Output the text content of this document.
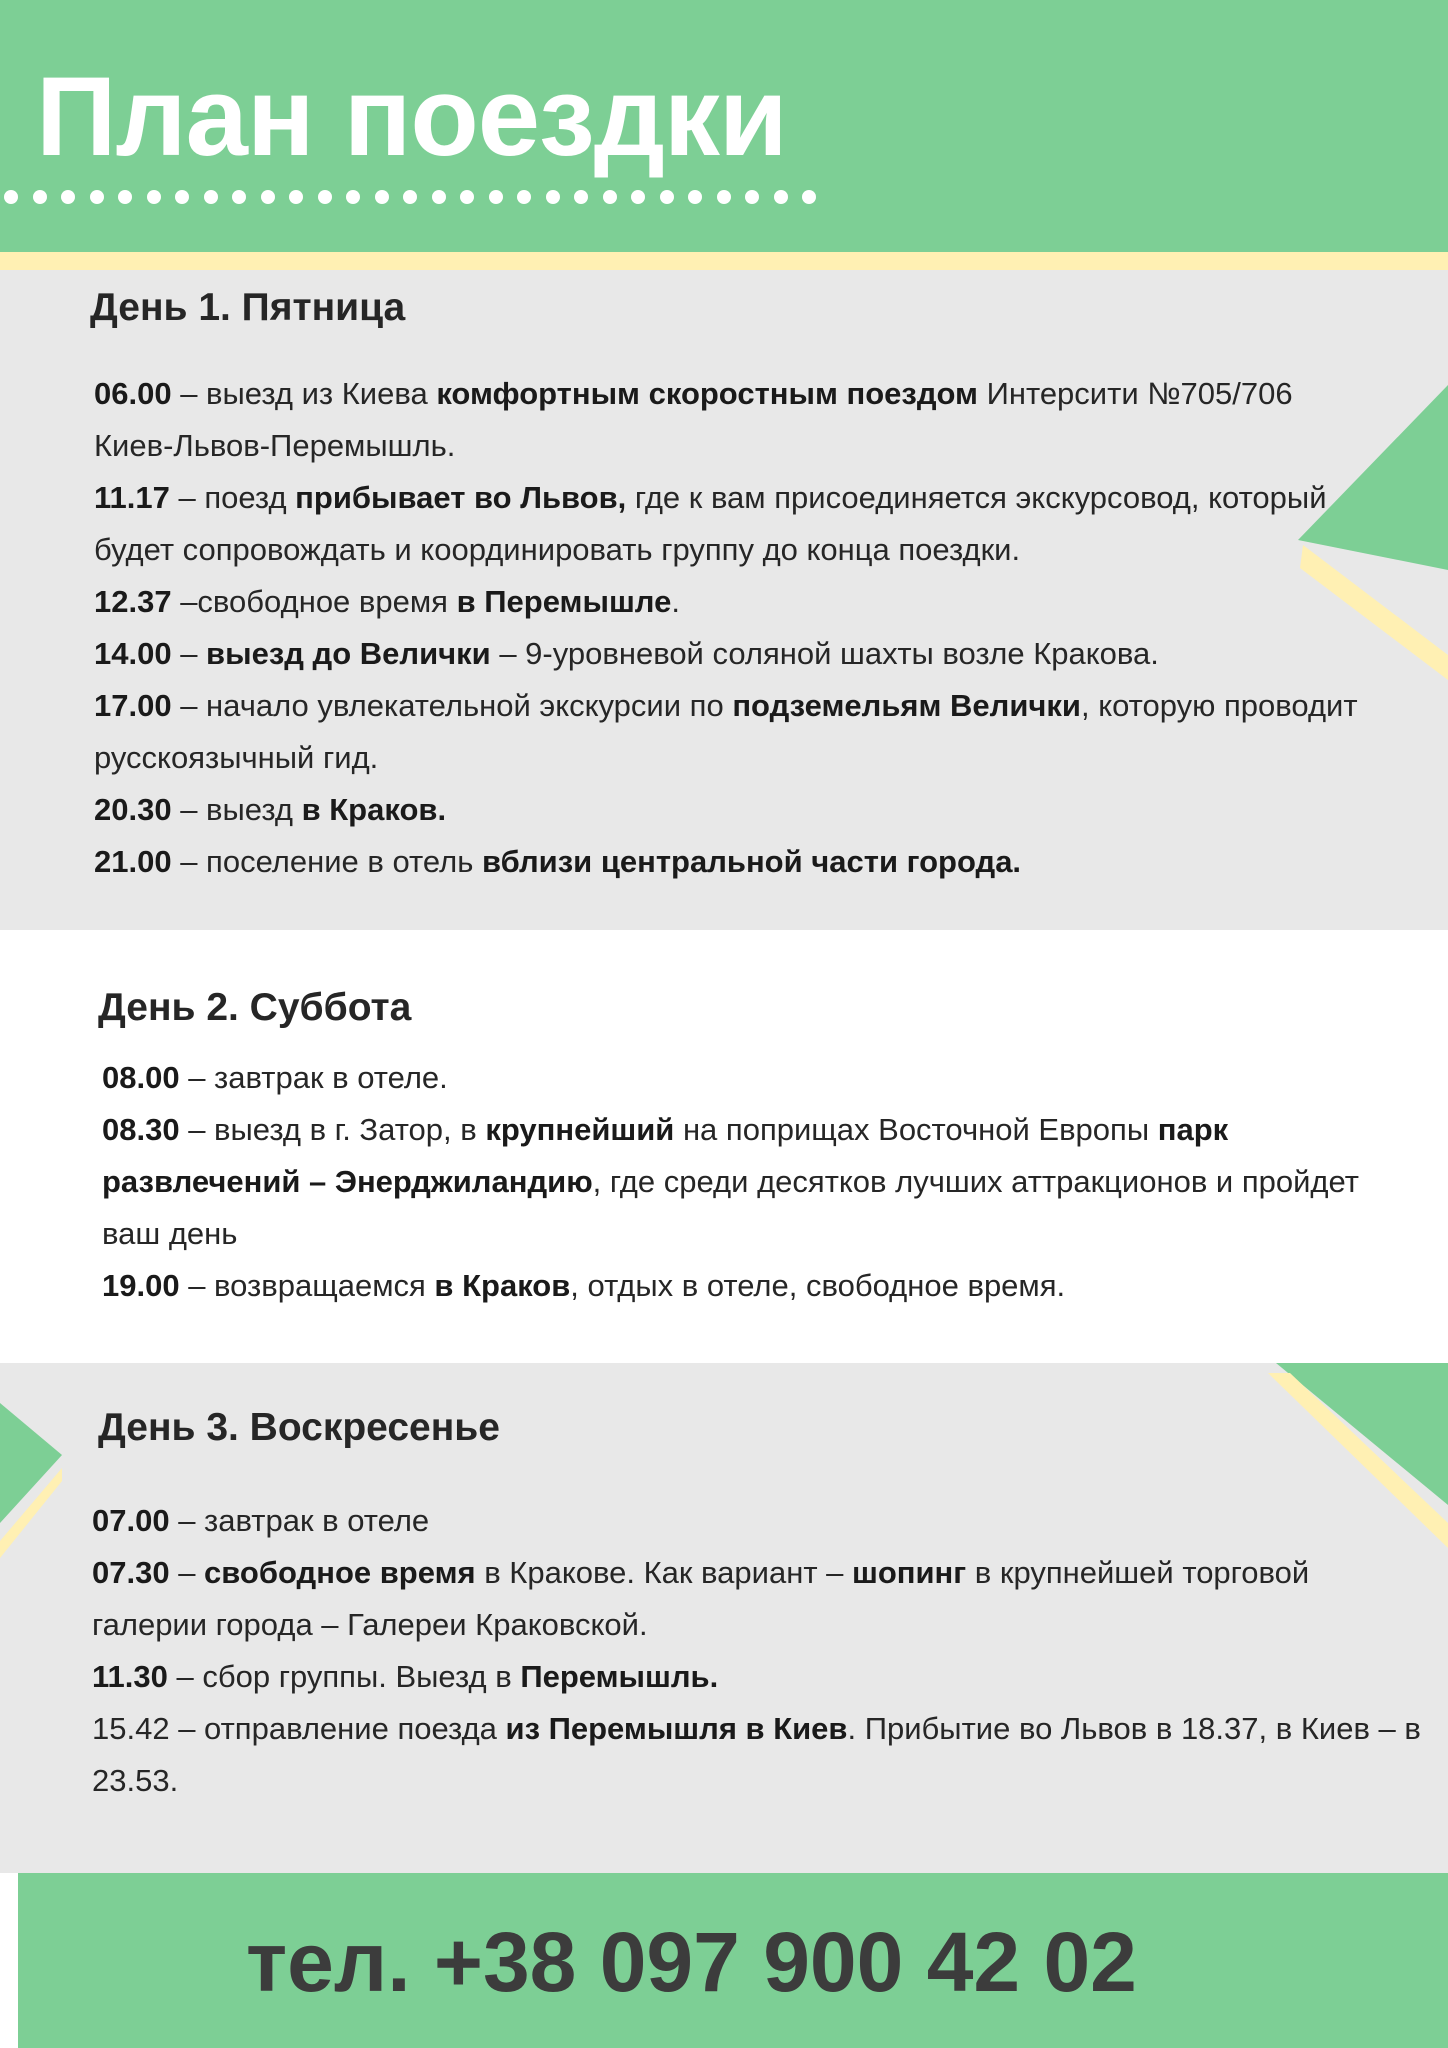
План поездки
День 1. Пятница

06.00 – выезд из Киева комфортным скоростным поездом Интерсити №705/706 Киев-Львов-Перемышль.

11.17 – поезд прибывает во Львов, где к вам присоединяется экскурсовод, который будет сопровождать и координировать группу до конца поездки.

12.37 –свободное время в Перемышле.

14.00 – выезд до Велички – 9-уровневой соляной шахты возле Кракова.

17.00 – начало увлекательной экскурсии по подземельям Велички, которую проводит русскоязычный гид.

20.30 – выезд в Краков.

21.00 – поселение в отель вблизи центральной части города.

День 2. Суббота

08.00 – завтрак в отеле.

08.30 – выезд в г. Затор, в крупнейший на поприщах Восточной Европы парк развлечений – Энерджиландию, где среди десятков лучших аттракционов и пройдет ваш день

19.00 – возвращаемся в Краков, отдых в отеле, свободное время.

День 3. Воскресенье

07.00 – завтрак в отеле

07.30 – свободное время в Кракове. Как вариант – шопинг в крупнейшей торговой галерии города – Галереи Краковской.

11.30 – сбор группы. Выезд в Перемышль.

15.42 – отправление поезда из Перемышля в Киев. Прибытие во Львов в 18.37, в Киев – в 23.53.

тел. +38 097 900 42 02
